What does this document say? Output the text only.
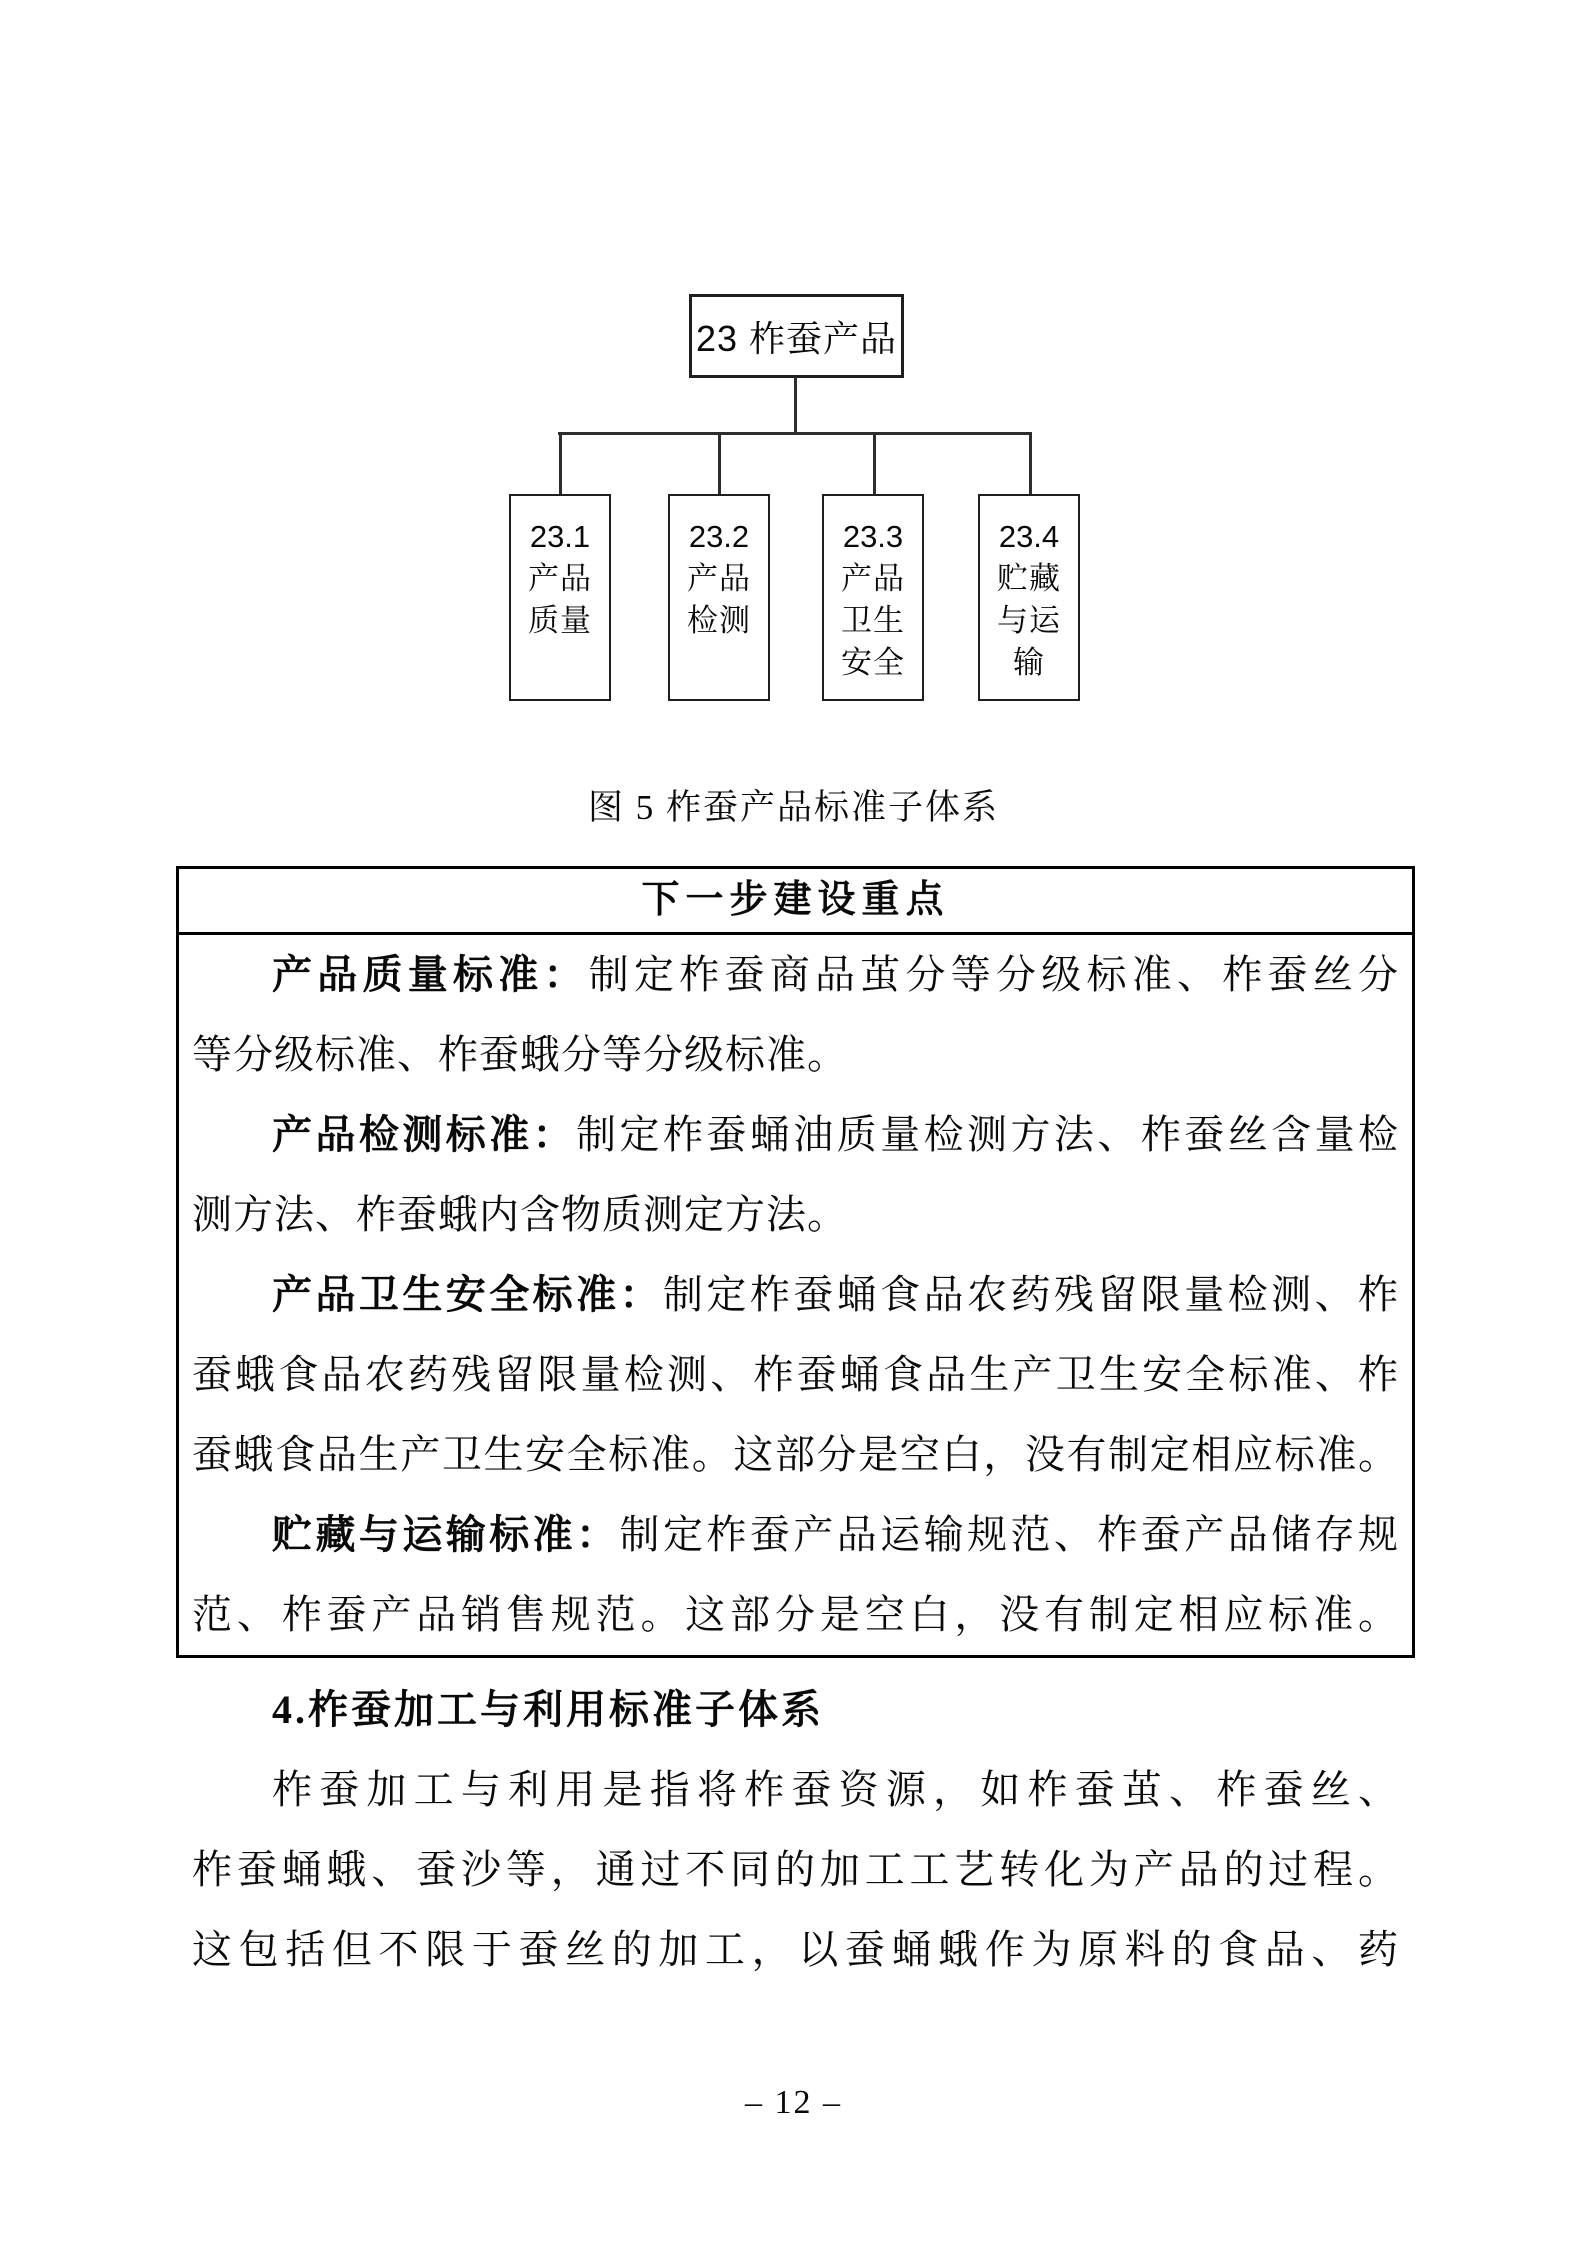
23 柞蚕产品
23.1
产品质量
23.2
产品检测
23.3
产品卫生安全
23.4
贮藏与运输
图 5 柞蚕产品标准子体系
下一步建设重点
产品质量标准：制定柞蚕商品茧分等分级标准、柞蚕丝分
等分级标准、柞蚕蛾分等分级标准。
产品检测标准：制定柞蚕蛹油质量检测方法、柞蚕丝含量检
测方法、柞蚕蛾内含物质测定方法。
产品卫生安全标准：制定柞蚕蛹食品农药残留限量检测、柞
蚕蛾食品农药残留限量检测、柞蚕蛹食品生产卫生安全标准、柞
蚕蛾食品生产卫生安全标准。这部分是空白，没有制定相应标准。
贮藏与运输标准：制定柞蚕产品运输规范、柞蚕产品储存规
范、柞蚕产品销售规范。这部分是空白，没有制定相应标准。
4.柞蚕加工与利用标准子体系
柞蚕加工与利用是指将柞蚕资源，如柞蚕茧、柞蚕丝、
柞蚕蛹蛾、蚕沙等，通过不同的加工工艺转化为产品的过程。
这包括但不限于蚕丝的加工，以蚕蛹蛾作为原料的食品、药
– 12 –
